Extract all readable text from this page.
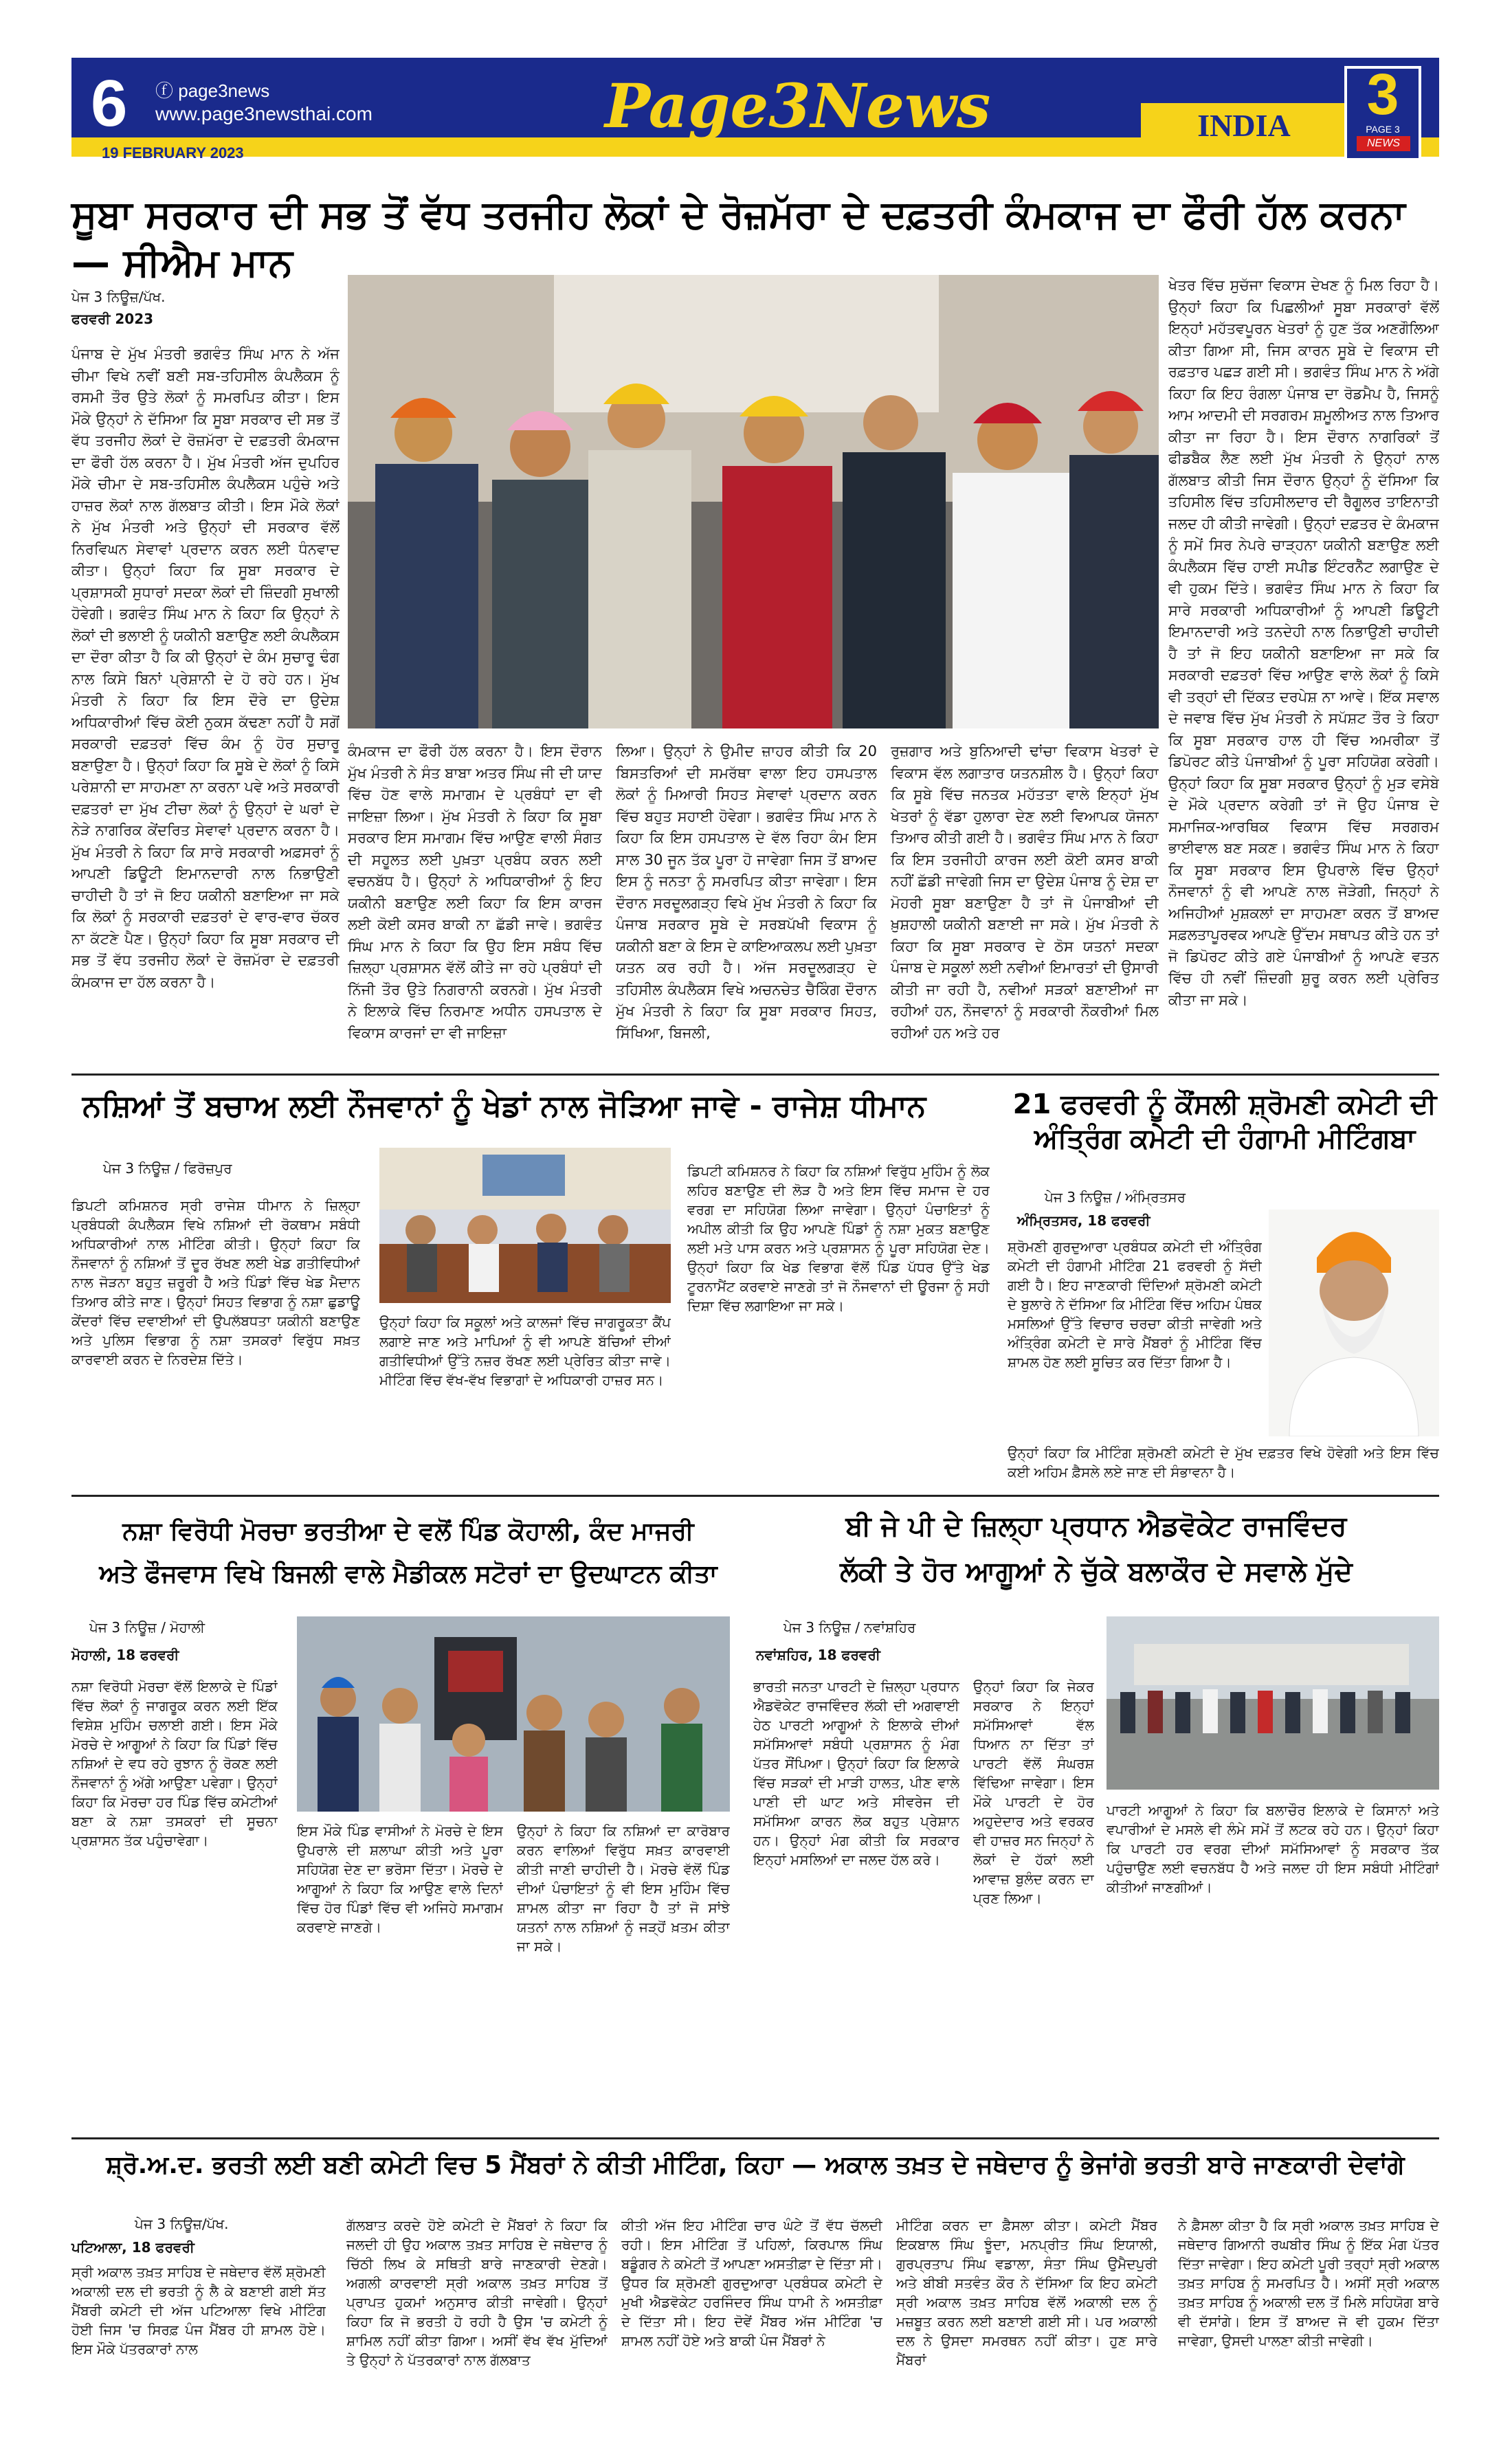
6	ⓕ page3news
www.page3newsthai.com
19 FEBRUARY 2023
Page3News	INDIA	3
PAGE 3
NEWS
ਸੂਬਾ ਸਰਕਾਰ ਦੀ ਸਭ ਤੋਂ ਵੱਧ ਤਰਜੀਹ ਲੋਕਾਂ ਦੇ ਰੋਜ਼ਮੱਰਾ ਦੇ ਦਫ਼ਤਰੀ ਕੰਮਕਾਜ ਦਾ ਫੌਰੀ ਹੱਲ ਕਰਨਾ— ਸੀਐਮ ਮਾਨ
ਪੇਜ 3 ਨਿਊਜ਼/ਪੱਖ.
ਫਰਵਰੀ 2023
ਪੰਜਾਬ ਦੇ ਮੁੱਖ ਮੰਤਰੀ ਭਗਵੰਤ ਸਿੰਘ ਮਾਨ ਨੇ ਅੱਜ ਚੀਮਾ ਵਿਖੇ ਨਵੀਂ ਬਣੀ ਸਬ-ਤਹਿਸੀਲ ਕੰਪਲੈਕਸ ਨੂੰ ਰਸਮੀ ਤੌਰ ਉਤੇ ਲੋਕਾਂ ਨੂੰ ਸਮਰਪਿਤ ਕੀਤਾ। ਇਸ ਮੌਕੇ ਉਨ੍ਹਾਂ ਨੇ ਦੱਸਿਆ ਕਿ ਸੂਬਾ ਸਰਕਾਰ ਦੀ ਸਭ ਤੋਂ ਵੱਧ ਤਰਜੀਹ ਲੋਕਾਂ ਦੇ ਰੋਜ਼ਮੱਰਾ ਦੇ ਦਫ਼ਤਰੀ ਕੰਮਕਾਜ ਦਾ ਫੌਰੀ ਹੱਲ ਕਰਨਾ ਹੈ। ਮੁੱਖ ਮੰਤਰੀ ਅੱਜ ਦੁਪਹਿਰ ਮੌਕੇ ਚੀਮਾ ਦੇ ਸਬ-ਤਹਿਸੀਲ ਕੰਪਲੈਕਸ ਪਹੁੰਚੇ ਅਤੇ ਹਾਜ਼ਰ ਲੋਕਾਂ ਨਾਲ ਗੱਲਬਾਤ ਕੀਤੀ। ਇਸ ਮੌਕੇ ਲੋਕਾਂ ਨੇ ਮੁੱਖ ਮੰਤਰੀ ਅਤੇ ਉਨ੍ਹਾਂ ਦੀ ਸਰਕਾਰ ਵੱਲੋਂ ਨਿਰਵਿਘਨ ਸੇਵਾਵਾਂ ਪ੍ਰਦਾਨ ਕਰਨ ਲਈ ਧੰਨਵਾਦ ਕੀਤਾ। ਉਨ੍ਹਾਂ ਕਿਹਾ ਕਿ ਸੂਬਾ ਸਰਕਾਰ ਦੇ ਪ੍ਰਸ਼ਾਸਕੀ ਸੁਧਾਰਾਂ ਸਦਕਾ ਲੋਕਾਂ ਦੀ ਜ਼ਿੰਦਗੀ ਸੁਖਾਲੀ ਹੋਵੇਗੀ। ਭਗਵੰਤ ਸਿੰਘ ਮਾਨ ਨੇ ਕਿਹਾ ਕਿ ਉਨ੍ਹਾਂ ਨੇ ਲੋਕਾਂ ਦੀ ਭਲਾਈ ਨੂੰ ਯਕੀਨੀ ਬਣਾਉਣ ਲਈ ਕੰਪਲੈਕਸ ਦਾ ਦੌਰਾ ਕੀਤਾ ਹੈ ਕਿ ਕੀ ਉਨ੍ਹਾਂ ਦੇ ਕੰਮ ਸੁਚਾਰੂ ਢੰਗ ਨਾਲ ਕਿਸੇ ਬਿਨਾਂ ਪ੍ਰੇਸ਼ਾਨੀ ਦੇ ਹੋ ਰਹੇ ਹਨ। ਮੁੱਖ ਮੰਤਰੀ ਨੇ ਕਿਹਾ ਕਿ ਇਸ ਦੌਰੇ ਦਾ ਉਦੇਸ਼ ਅਧਿਕਾਰੀਆਂ ਵਿੱਚ ਕੋਈ ਨੁਕਸ ਕੱਢਣਾ ਨਹੀਂ ਹੈ ਸਗੋਂ ਸਰਕਾਰੀ ਦਫ਼ਤਰਾਂ ਵਿੱਚ ਕੰਮ ਨੂੰ ਹੋਰ ਸੁਚਾਰੂ ਬਣਾਉਣਾ ਹੈ। ਉਨ੍ਹਾਂ ਕਿਹਾ ਕਿ ਸੂਬੇ ਦੇ ਲੋਕਾਂ ਨੂੰ ਕਿਸੇ ਪਰੇਸ਼ਾਨੀ ਦਾ ਸਾਹਮਣਾ ਨਾ ਕਰਨਾ ਪਵੇ ਅਤੇ ਸਰਕਾਰੀ ਦਫ਼ਤਰਾਂ ਦਾ ਮੁੱਖ ਟੀਚਾ ਲੋਕਾਂ ਨੂੰ ਉਨ੍ਹਾਂ ਦੇ ਘਰਾਂ ਦੇ ਨੇੜੇ ਨਾਗਰਿਕ ਕੇਂਦਰਿਤ ਸੇਵਾਵਾਂ ਪ੍ਰਦਾਨ ਕਰਨਾ ਹੈ। ਮੁੱਖ ਮੰਤਰੀ ਨੇ ਕਿਹਾ ਕਿ ਸਾਰੇ ਸਰਕਾਰੀ ਅਫ਼ਸਰਾਂ ਨੂੰ ਆਪਣੀ ਡਿਊਟੀ ਇਮਾਨਦਾਰੀ ਨਾਲ ਨਿਭਾਉਣੀ ਚਾਹੀਦੀ ਹੈ ਤਾਂ ਜੋ ਇਹ ਯਕੀਨੀ ਬਣਾਇਆ ਜਾ ਸਕੇ ਕਿ ਲੋਕਾਂ ਨੂੰ ਸਰਕਾਰੀ ਦਫ਼ਤਰਾਂ ਦੇ ਵਾਰ-ਵਾਰ ਚੱਕਰ ਨਾ ਕੱਟਣੇ ਪੈਣ। ਉਨ੍ਹਾਂ ਕਿਹਾ ਕਿ ਸੂਬਾ ਸਰਕਾਰ ਦੀ ਸਭ ਤੋਂ ਵੱਧ ਤਰਜੀਹ ਲੋਕਾਂ ਦੇ ਰੋਜ਼ਮੱਰਾ ਦੇ ਦਫ਼ਤਰੀ ਕੰਮਕਾਜ ਦਾ ਹੱਲ ਕਰਨਾ ਹੈ।
ਕੰਮਕਾਜ ਦਾ ਫੌਰੀ ਹੱਲ ਕਰਨਾ ਹੈ। ਇਸ ਦੌਰਾਨ ਮੁੱਖ ਮੰਤਰੀ ਨੇ ਸੰਤ ਬਾਬਾ ਅਤਰ ਸਿੰਘ ਜੀ ਦੀ ਯਾਦ ਵਿੱਚ ਹੋਣ ਵਾਲੇ ਸਮਾਗਮ ਦੇ ਪ੍ਰਬੰਧਾਂ ਦਾ ਵੀ ਜਾਇਜ਼ਾ ਲਿਆ। ਮੁੱਖ ਮੰਤਰੀ ਨੇ ਕਿਹਾ ਕਿ ਸੂਬਾ ਸਰਕਾਰ ਇਸ ਸਮਾਗਮ ਵਿੱਚ ਆਉਣ ਵਾਲੀ ਸੰਗਤ ਦੀ ਸਹੂਲਤ ਲਈ ਪੁਖ਼ਤਾ ਪ੍ਰਬੰਧ ਕਰਨ ਲਈ ਵਚਨਬੱਧ ਹੈ। ਉਨ੍ਹਾਂ ਨੇ ਅਧਿਕਾਰੀਆਂ ਨੂੰ ਇਹ ਯਕੀਨੀ ਬਣਾਉਣ ਲਈ ਕਿਹਾ ਕਿ ਇਸ ਕਾਰਜ ਲਈ ਕੋਈ ਕਸਰ ਬਾਕੀ ਨਾ ਛੱਡੀ ਜਾਵੇ। ਭਗਵੰਤ ਸਿੰਘ ਮਾਨ ਨੇ ਕਿਹਾ ਕਿ ਉਹ ਇਸ ਸਬੰਧ ਵਿੱਚ ਜ਼ਿਲ੍ਹਾ ਪ੍ਰਸ਼ਾਸਨ ਵੱਲੋਂ ਕੀਤੇ ਜਾ ਰਹੇ ਪ੍ਰਬੰਧਾਂ ਦੀ ਨਿੱਜੀ ਤੌਰ ਉਤੇ ਨਿਗਰਾਨੀ ਕਰਨਗੇ। ਮੁੱਖ ਮੰਤਰੀ ਨੇ ਇਲਾਕੇ ਵਿੱਚ ਨਿਰਮਾਣ ਅਧੀਨ ਹਸਪਤਾਲ ਦੇ ਵਿਕਾਸ ਕਾਰਜਾਂ ਦਾ ਵੀ ਜਾਇਜ਼ਾ
ਲਿਆ। ਉਨ੍ਹਾਂ ਨੇ ਉਮੀਦ ਜ਼ਾਹਰ ਕੀਤੀ ਕਿ 20 ਬਿਸਤਰਿਆਂ ਦੀ ਸਮਰੱਥਾ ਵਾਲਾ ਇਹ ਹਸਪਤਾਲ ਲੋਕਾਂ ਨੂੰ ਮਿਆਰੀ ਸਿਹਤ ਸੇਵਾਵਾਂ ਪ੍ਰਦਾਨ ਕਰਨ ਵਿੱਚ ਬਹੁਤ ਸਹਾਈ ਹੋਵੇਗਾ। ਭਗਵੰਤ ਸਿੰਘ ਮਾਨ ਨੇ ਕਿਹਾ ਕਿ ਇਸ ਹਸਪਤਾਲ ਦੇ ਵੱਲ ਰਿਹਾ ਕੰਮ ਇਸ ਸਾਲ 30 ਜੂਨ ਤੱਕ ਪੂਰਾ ਹੋ ਜਾਵੇਗਾ ਜਿਸ ਤੋਂ ਬਾਅਦ ਇਸ ਨੂੰ ਜਨਤਾ ਨੂੰ ਸਮਰਪਿਤ ਕੀਤਾ ਜਾਵੇਗਾ। ਇਸ ਦੌਰਾਨ ਸਰਦੂਲਗੜ੍ਹ ਵਿਖੇ ਮੁੱਖ ਮੰਤਰੀ ਨੇ ਕਿਹਾ ਕਿ ਪੰਜਾਬ ਸਰਕਾਰ ਸੂਬੇ ਦੇ ਸਰਬਪੱਖੀ ਵਿਕਾਸ ਨੂੰ ਯਕੀਨੀ ਬਣਾ ਕੇ ਇਸ ਦੇ ਕਾਇਆਕਲਪ ਲਈ ਪੁਖ਼ਤਾ ਯਤਨ ਕਰ ਰਹੀ ਹੈ। ਅੱਜ ਸਰਦੂਲਗੜ੍ਹ ਦੇ ਤਹਿਸੀਲ ਕੰਪਲੈਕਸ ਵਿਖੇ ਅਚਨਚੇਤ ਚੈਕਿੰਗ ਦੌਰਾਨ ਮੁੱਖ ਮੰਤਰੀ ਨੇ ਕਿਹਾ ਕਿ ਸੂਬਾ ਸਰਕਾਰ ਸਿਹਤ, ਸਿੱਖਿਆ, ਬਿਜਲੀ,
ਰੁਜ਼ਗਾਰ ਅਤੇ ਬੁਨਿਆਦੀ ਢਾਂਚਾ ਵਿਕਾਸ ਖੇਤਰਾਂ ਦੇ ਵਿਕਾਸ ਵੱਲ ਲਗਾਤਾਰ ਯਤਨਸ਼ੀਲ ਹੈ। ਉਨ੍ਹਾਂ ਕਿਹਾ ਕਿ ਸੂਬੇ ਵਿੱਚ ਜਨਤਕ ਮਹੱਤਤਾ ਵਾਲੇ ਇਨ੍ਹਾਂ ਮੁੱਖ ਖੇਤਰਾਂ ਨੂੰ ਵੱਡਾ ਹੁਲਾਰਾ ਦੇਣ ਲਈ ਵਿਆਪਕ ਯੋਜਨਾ ਤਿਆਰ ਕੀਤੀ ਗਈ ਹੈ। ਭਗਵੰਤ ਸਿੰਘ ਮਾਨ ਨੇ ਕਿਹਾ ਕਿ ਇਸ ਤਰਜੀਹੀ ਕਾਰਜ ਲਈ ਕੋਈ ਕਸਰ ਬਾਕੀ ਨਹੀਂ ਛੱਡੀ ਜਾਵੇਗੀ ਜਿਸ ਦਾ ਉਦੇਸ਼ ਪੰਜਾਬ ਨੂੰ ਦੇਸ਼ ਦਾ ਮੋਹਰੀ ਸੂਬਾ ਬਣਾਉਣਾ ਹੈ ਤਾਂ ਜੋ ਪੰਜਾਬੀਆਂ ਦੀ ਖ਼ੁਸ਼ਹਾਲੀ ਯਕੀਨੀ ਬਣਾਈ ਜਾ ਸਕੇ। ਮੁੱਖ ਮੰਤਰੀ ਨੇ ਕਿਹਾ ਕਿ ਸੂਬਾ ਸਰਕਾਰ ਦੇ ਠੋਸ ਯਤਨਾਂ ਸਦਕਾ ਪੰਜਾਬ ਦੇ ਸਕੂਲਾਂ ਲਈ ਨਵੀਆਂ ਇਮਾਰਤਾਂ ਦੀ ਉਸਾਰੀ ਕੀਤੀ ਜਾ ਰਹੀ ਹੈ, ਨਵੀਆਂ ਸੜਕਾਂ ਬਣਾਈਆਂ ਜਾ ਰਹੀਆਂ ਹਨ, ਨੌਜਵਾਨਾਂ ਨੂੰ ਸਰਕਾਰੀ ਨੌਕਰੀਆਂ ਮਿਲ ਰਹੀਆਂ ਹਨ ਅਤੇ ਹਰ
ਖੇਤਰ ਵਿੱਚ ਸੁਚੱਜਾ ਵਿਕਾਸ ਦੇਖਣ ਨੂੰ ਮਿਲ ਰਿਹਾ ਹੈ। ਉਨ੍ਹਾਂ ਕਿਹਾ ਕਿ ਪਿਛਲੀਆਂ ਸੂਬਾ ਸਰਕਾਰਾਂ ਵੱਲੋਂ ਇਨ੍ਹਾਂ ਮਹੱਤਵਪੂਰਨ ਖੇਤਰਾਂ ਨੂੰ ਹੁਣ ਤੱਕ ਅਣਗੌਲਿਆ ਕੀਤਾ ਗਿਆ ਸੀ, ਜਿਸ ਕਾਰਨ ਸੂਬੇ ਦੇ ਵਿਕਾਸ ਦੀ ਰਫ਼ਤਾਰ ਪਛੜ ਗਈ ਸੀ। ਭਗਵੰਤ ਸਿੰਘ ਮਾਨ ਨੇ ਅੱਗੇ ਕਿਹਾ ਕਿ ਇਹ ਰੰਗਲਾ ਪੰਜਾਬ ਦਾ ਰੋਡਮੈਪ ਹੈ, ਜਿਸਨੂੰ ਆਮ ਆਦਮੀ ਦੀ ਸਰਗਰਮ ਸ਼ਮੂਲੀਅਤ ਨਾਲ ਤਿਆਰ ਕੀਤਾ ਜਾ ਰਿਹਾ ਹੈ। ਇਸ ਦੌਰਾਨ ਨਾਗਰਿਕਾਂ ਤੋਂ ਫੀਡਬੈਕ ਲੈਣ ਲਈ ਮੁੱਖ ਮੰਤਰੀ ਨੇ ਉਨ੍ਹਾਂ ਨਾਲ ਗੱਲਬਾਤ ਕੀਤੀ ਜਿਸ ਦੌਰਾਨ ਉਨ੍ਹਾਂ ਨੂੰ ਦੱਸਿਆ ਕਿ ਤਹਿਸੀਲ ਵਿੱਚ ਤਹਿਸੀਲਦਾਰ ਦੀ ਰੈਗੂਲਰ ਤਾਇਨਾਤੀ ਜਲਦ ਹੀ ਕੀਤੀ ਜਾਵੇਗੀ। ਉਨ੍ਹਾਂ ਦਫ਼ਤਰ ਦੇ ਕੰਮਕਾਜ ਨੂੰ ਸਮੇਂ ਸਿਰ ਨੇਪਰੇ ਚਾੜ੍ਹਨਾ ਯਕੀਨੀ ਬਣਾਉਣ ਲਈ ਕੰਪਲੈਕਸ ਵਿੱਚ ਹਾਈ ਸਪੀਡ ਇੰਟਰਨੈੱਟ ਲਗਾਉਣ ਦੇ ਵੀ ਹੁਕਮ ਦਿੱਤੇ। ਭਗਵੰਤ ਸਿੰਘ ਮਾਨ ਨੇ ਕਿਹਾ ਕਿ ਸਾਰੇ ਸਰਕਾਰੀ ਅਧਿਕਾਰੀਆਂ ਨੂੰ ਆਪਣੀ ਡਿਊਟੀ ਇਮਾਨਦਾਰੀ ਅਤੇ ਤਨਦੇਹੀ ਨਾਲ ਨਿਭਾਉਣੀ ਚਾਹੀਦੀ ਹੈ ਤਾਂ ਜੋ ਇਹ ਯਕੀਨੀ ਬਣਾਇਆ ਜਾ ਸਕੇ ਕਿ ਸਰਕਾਰੀ ਦਫ਼ਤਰਾਂ ਵਿੱਚ ਆਉਣ ਵਾਲੇ ਲੋਕਾਂ ਨੂੰ ਕਿਸੇ ਵੀ ਤਰ੍ਹਾਂ ਦੀ ਦਿੱਕਤ ਦਰਪੇਸ਼ ਨਾ ਆਵੇ। ਇੱਕ ਸਵਾਲ ਦੇ ਜਵਾਬ ਵਿੱਚ ਮੁੱਖ ਮੰਤਰੀ ਨੇ ਸਪੱਸ਼ਟ ਤੌਰ ਤੇ ਕਿਹਾ ਕਿ ਸੂਬਾ ਸਰਕਾਰ ਹਾਲ ਹੀ ਵਿੱਚ ਅਮਰੀਕਾ ਤੋਂ ਡਿਪੋਰਟ ਕੀਤੇ ਪੰਜਾਬੀਆਂ ਨੂੰ ਪੂਰਾ ਸਹਿਯੋਗ ਕਰੇਗੀ। ਉਨ੍ਹਾਂ ਕਿਹਾ ਕਿ ਸੂਬਾ ਸਰਕਾਰ ਉਨ੍ਹਾਂ ਨੂੰ ਮੁੜ ਵਸੇਬੇ ਦੇ ਮੌਕੇ ਪ੍ਰਦਾਨ ਕਰੇਗੀ ਤਾਂ ਜੋ ਉਹ ਪੰਜਾਬ ਦੇ ਸਮਾਜਿਕ-ਆਰਥਿਕ ਵਿਕਾਸ ਵਿੱਚ ਸਰਗਰਮ ਭਾਈਵਾਲ ਬਣ ਸਕਣ। ਭਗਵੰਤ ਸਿੰਘ ਮਾਨ ਨੇ ਕਿਹਾ ਕਿ ਸੂਬਾ ਸਰਕਾਰ ਇਸ ਉਪਰਾਲੇ ਵਿੱਚ ਉਨ੍ਹਾਂ ਨੌਜਵਾਨਾਂ ਨੂੰ ਵੀ ਆਪਣੇ ਨਾਲ ਜੋੜੇਗੀ, ਜਿਨ੍ਹਾਂ ਨੇ ਅਜਿਹੀਆਂ ਮੁਸ਼ਕਲਾਂ ਦਾ ਸਾਹਮਣਾ ਕਰਨ ਤੋਂ ਬਾਅਦ ਸਫ਼ਲਤਾਪੂਰਵਕ ਆਪਣੇ ਉੱਦਮ ਸਥਾਪਤ ਕੀਤੇ ਹਨ ਤਾਂ ਜੋ ਡਿਪੋਰਟ ਕੀਤੇ ਗਏ ਪੰਜਾਬੀਆਂ ਨੂੰ ਆਪਣੇ ਵਤਨ ਵਿੱਚ ਹੀ ਨਵੀਂ ਜ਼ਿੰਦਗੀ ਸ਼ੁਰੂ ਕਰਨ ਲਈ ਪ੍ਰੇਰਿਤ ਕੀਤਾ ਜਾ ਸਕੇ।
ਨਸ਼ਿਆਂ ਤੋਂ ਬਚਾਅ ਲਈ ਨੌਜਵਾਨਾਂ ਨੂੰ ਖੇਡਾਂ ਨਾਲ ਜੋੜਿਆ ਜਾਵੇ - ਰਾਜੇਸ਼ ਧੀਮਾਨ
ਪੇਜ 3 ਨਿਊਜ਼ / ਫਿਰੋਜ਼ਪੁਰ
ਡਿਪਟੀ ਕਮਿਸ਼ਨਰ ਸ੍ਰੀ ਰਾਜੇਸ਼ ਧੀਮਾਨ ਨੇ ਜ਼ਿਲ੍ਹਾ ਪ੍ਰਬੰਧਕੀ ਕੰਪਲੈਕਸ ਵਿਖੇ ਨਸ਼ਿਆਂ ਦੀ ਰੋਕਥਾਮ ਸਬੰਧੀ ਅਧਿਕਾਰੀਆਂ ਨਾਲ ਮੀਟਿੰਗ ਕੀਤੀ। ਉਨ੍ਹਾਂ ਕਿਹਾ ਕਿ ਨੌਜਵਾਨਾਂ ਨੂੰ ਨਸ਼ਿਆਂ ਤੋਂ ਦੂਰ ਰੱਖਣ ਲਈ ਖੇਡ ਗਤੀਵਿਧੀਆਂ ਨਾਲ ਜੋੜਨਾ ਬਹੁਤ ਜ਼ਰੂਰੀ ਹੈ ਅਤੇ ਪਿੰਡਾਂ ਵਿੱਚ ਖੇਡ ਮੈਦਾਨ ਤਿਆਰ ਕੀਤੇ ਜਾਣ। ਉਨ੍ਹਾਂ ਸਿਹਤ ਵਿਭਾਗ ਨੂੰ ਨਸ਼ਾ ਛੁਡਾਊ ਕੇਂਦਰਾਂ ਵਿੱਚ ਦਵਾਈਆਂ ਦੀ ਉਪਲੱਬਧਤਾ ਯਕੀਨੀ ਬਣਾਉਣ ਅਤੇ ਪੁਲਿਸ ਵਿਭਾਗ ਨੂੰ ਨਸ਼ਾ ਤਸਕਰਾਂ ਵਿਰੁੱਧ ਸਖ਼ਤ ਕਾਰਵਾਈ ਕਰਨ ਦੇ ਨਿਰਦੇਸ਼ ਦਿੱਤੇ।
ਉਨ੍ਹਾਂ ਕਿਹਾ ਕਿ ਸਕੂਲਾਂ ਅਤੇ ਕਾਲਜਾਂ ਵਿੱਚ ਜਾਗਰੂਕਤਾ ਕੈਂਪ ਲਗਾਏ ਜਾਣ ਅਤੇ ਮਾਪਿਆਂ ਨੂੰ ਵੀ ਆਪਣੇ ਬੱਚਿਆਂ ਦੀਆਂ ਗਤੀਵਿਧੀਆਂ ਉੱਤੇ ਨਜ਼ਰ ਰੱਖਣ ਲਈ ਪ੍ਰੇਰਿਤ ਕੀਤਾ ਜਾਵੇ। ਮੀਟਿੰਗ ਵਿੱਚ ਵੱਖ-ਵੱਖ ਵਿਭਾਗਾਂ ਦੇ ਅਧਿਕਾਰੀ ਹਾਜ਼ਰ ਸਨ।
ਡਿਪਟੀ ਕਮਿਸ਼ਨਰ ਨੇ ਕਿਹਾ ਕਿ ਨਸ਼ਿਆਂ ਵਿਰੁੱਧ ਮੁਹਿੰਮ ਨੂੰ ਲੋਕ ਲਹਿਰ ਬਣਾਉਣ ਦੀ ਲੋੜ ਹੈ ਅਤੇ ਇਸ ਵਿੱਚ ਸਮਾਜ ਦੇ ਹਰ ਵਰਗ ਦਾ ਸਹਿਯੋਗ ਲਿਆ ਜਾਵੇਗਾ। ਉਨ੍ਹਾਂ ਪੰਚਾਇਤਾਂ ਨੂੰ ਅਪੀਲ ਕੀਤੀ ਕਿ ਉਹ ਆਪਣੇ ਪਿੰਡਾਂ ਨੂੰ ਨਸ਼ਾ ਮੁਕਤ ਬਣਾਉਣ ਲਈ ਮਤੇ ਪਾਸ ਕਰਨ ਅਤੇ ਪ੍ਰਸ਼ਾਸਨ ਨੂੰ ਪੂਰਾ ਸਹਿਯੋਗ ਦੇਣ। ਉਨ੍ਹਾਂ ਕਿਹਾ ਕਿ ਖੇਡ ਵਿਭਾਗ ਵੱਲੋਂ ਪਿੰਡ ਪੱਧਰ ਉੱਤੇ ਖੇਡ ਟੂਰਨਾਮੈਂਟ ਕਰਵਾਏ ਜਾਣਗੇ ਤਾਂ ਜੋ ਨੌਜਵਾਨਾਂ ਦੀ ਊਰਜਾ ਨੂੰ ਸਹੀ ਦਿਸ਼ਾ ਵਿੱਚ ਲਗਾਇਆ ਜਾ ਸਕੇ।
21 ਫਰਵਰੀ ਨੂੰ ਕੌਂਸਲੀ ਸ਼੍ਰੋਮਣੀ ਕਮੇਟੀ ਦੀ ਅੰਤ੍ਰਿੰਗ ਕਮੇਟੀ ਦੀ ਹੰਗਾਮੀ ਮੀਟਿੰਗਬਾ
ਪੇਜ 3 ਨਿਊਜ਼ / ਅੰਮ੍ਰਿਤਸਰ
ਅੰਮ੍ਰਿਤਸਰ, 18 ਫਰਵਰੀ
ਸ਼੍ਰੋਮਣੀ ਗੁਰਦੁਆਰਾ ਪ੍ਰਬੰਧਕ ਕਮੇਟੀ ਦੀ ਅੰਤ੍ਰਿੰਗ ਕਮੇਟੀ ਦੀ ਹੰਗਾਮੀ ਮੀਟਿੰਗ 21 ਫਰਵਰੀ ਨੂੰ ਸੱਦੀ ਗਈ ਹੈ। ਇਹ ਜਾਣਕਾਰੀ ਦਿੰਦਿਆਂ ਸ਼੍ਰੋਮਣੀ ਕਮੇਟੀ ਦੇ ਬੁਲਾਰੇ ਨੇ ਦੱਸਿਆ ਕਿ ਮੀਟਿੰਗ ਵਿੱਚ ਅਹਿਮ ਪੰਥਕ ਮਸਲਿਆਂ ਉੱਤੇ ਵਿਚਾਰ ਚਰਚਾ ਕੀਤੀ ਜਾਵੇਗੀ ਅਤੇ ਅੰਤ੍ਰਿੰਗ ਕਮੇਟੀ ਦੇ ਸਾਰੇ ਮੈਂਬਰਾਂ ਨੂੰ ਮੀਟਿੰਗ ਵਿੱਚ ਸ਼ਾਮਲ ਹੋਣ ਲਈ ਸੂਚਿਤ ਕਰ ਦਿੱਤਾ ਗਿਆ ਹੈ।
ਉਨ੍ਹਾਂ ਕਿਹਾ ਕਿ ਮੀਟਿੰਗ ਸ਼੍ਰੋਮਣੀ ਕਮੇਟੀ ਦੇ ਮੁੱਖ ਦਫ਼ਤਰ ਵਿਖੇ ਹੋਵੇਗੀ ਅਤੇ ਇਸ ਵਿੱਚ ਕਈ ਅਹਿਮ ਫ਼ੈਸਲੇ ਲਏ ਜਾਣ ਦੀ ਸੰਭਾਵਨਾ ਹੈ।
ਨਸ਼ਾ ਵਿਰੋਧੀ ਮੋਰਚਾ ਭਰਤੀਆ ਦੇ ਵਲੋਂ ਪਿੰਡ ਕੋਹਾਲੀ, ਕੰਦ ਮਾਜਰੀ
ਅਤੇ ਫੌਜਵਾਸ ਵਿਖੇ ਬਿਜਲੀ ਵਾਲੇ ਮੈਡੀਕਲ ਸਟੋਰਾਂ ਦਾ ਉਦਘਾਟਨ ਕੀਤਾ
ਪੇਜ 3 ਨਿਊਜ਼ / ਮੋਹਾਲੀ
ਮੋਹਾਲੀ, 18 ਫਰਵਰੀ
ਨਸ਼ਾ ਵਿਰੋਧੀ ਮੋਰਚਾ ਵੱਲੋਂ ਇਲਾਕੇ ਦੇ ਪਿੰਡਾਂ ਵਿੱਚ ਲੋਕਾਂ ਨੂੰ ਜਾਗਰੂਕ ਕਰਨ ਲਈ ਇੱਕ ਵਿਸ਼ੇਸ਼ ਮੁਹਿੰਮ ਚਲਾਈ ਗਈ। ਇਸ ਮੌਕੇ ਮੋਰਚੇ ਦੇ ਆਗੂਆਂ ਨੇ ਕਿਹਾ ਕਿ ਪਿੰਡਾਂ ਵਿੱਚ ਨਸ਼ਿਆਂ ਦੇ ਵਧ ਰਹੇ ਰੁਝਾਨ ਨੂੰ ਰੋਕਣ ਲਈ ਨੌਜਵਾਨਾਂ ਨੂੰ ਅੱਗੇ ਆਉਣਾ ਪਵੇਗਾ। ਉਨ੍ਹਾਂ ਕਿਹਾ ਕਿ ਮੋਰਚਾ ਹਰ ਪਿੰਡ ਵਿੱਚ ਕਮੇਟੀਆਂ ਬਣਾ ਕੇ ਨਸ਼ਾ ਤਸਕਰਾਂ ਦੀ ਸੂਚਨਾ ਪ੍ਰਸ਼ਾਸਨ ਤੱਕ ਪਹੁੰਚਾਵੇਗਾ।
ਇਸ ਮੌਕੇ ਪਿੰਡ ਵਾਸੀਆਂ ਨੇ ਮੋਰਚੇ ਦੇ ਇਸ ਉਪਰਾਲੇ ਦੀ ਸ਼ਲਾਘਾ ਕੀਤੀ ਅਤੇ ਪੂਰਾ ਸਹਿਯੋਗ ਦੇਣ ਦਾ ਭਰੋਸਾ ਦਿੱਤਾ। ਮੋਰਚੇ ਦੇ ਆਗੂਆਂ ਨੇ ਕਿਹਾ ਕਿ ਆਉਣ ਵਾਲੇ ਦਿਨਾਂ ਵਿੱਚ ਹੋਰ ਪਿੰਡਾਂ ਵਿੱਚ ਵੀ ਅਜਿਹੇ ਸਮਾਗਮ ਕਰਵਾਏ ਜਾਣਗੇ।
ਉਨ੍ਹਾਂ ਨੇ ਕਿਹਾ ਕਿ ਨਸ਼ਿਆਂ ਦਾ ਕਾਰੋਬਾਰ ਕਰਨ ਵਾਲਿਆਂ ਵਿਰੁੱਧ ਸਖ਼ਤ ਕਾਰਵਾਈ ਕੀਤੀ ਜਾਣੀ ਚਾਹੀਦੀ ਹੈ। ਮੋਰਚੇ ਵੱਲੋਂ ਪਿੰਡ ਦੀਆਂ ਪੰਚਾਇਤਾਂ ਨੂੰ ਵੀ ਇਸ ਮੁਹਿੰਮ ਵਿੱਚ ਸ਼ਾਮਲ ਕੀਤਾ ਜਾ ਰਿਹਾ ਹੈ ਤਾਂ ਜੋ ਸਾਂਝੇ ਯਤਨਾਂ ਨਾਲ ਨਸ਼ਿਆਂ ਨੂੰ ਜੜ੍ਹੋਂ ਖ਼ਤਮ ਕੀਤਾ ਜਾ ਸਕੇ।
ਬੀ ਜੇ ਪੀ ਦੇ ਜ਼ਿਲ੍ਹਾ ਪ੍ਰਧਾਨ ਐਡਵੋਕੇਟ ਰਾਜਵਿੰਦਰ
ਲੱਕੀ ਤੇ ਹੋਰ ਆਗੂਆਂ ਨੇ ਚੁੱਕੇ ਬਲਾਕੌਰ ਦੇ ਸਵਾਲੇ ਮੁੱਦੇ
ਪੇਜ 3 ਨਿਊਜ਼ / ਨਵਾਂਸ਼ਹਿਰ
ਨਵਾਂਸ਼ਹਿਰ, 18 ਫਰਵਰੀ
ਭਾਰਤੀ ਜਨਤਾ ਪਾਰਟੀ ਦੇ ਜ਼ਿਲ੍ਹਾ ਪ੍ਰਧਾਨ ਐਡਵੋਕੇਟ ਰਾਜਵਿੰਦਰ ਲੱਕੀ ਦੀ ਅਗਵਾਈ ਹੇਠ ਪਾਰਟੀ ਆਗੂਆਂ ਨੇ ਇਲਾਕੇ ਦੀਆਂ ਸਮੱਸਿਆਵਾਂ ਸਬੰਧੀ ਪ੍ਰਸ਼ਾਸਨ ਨੂੰ ਮੰਗ ਪੱਤਰ ਸੌਂਪਿਆ। ਉਨ੍ਹਾਂ ਕਿਹਾ ਕਿ ਇਲਾਕੇ ਵਿੱਚ ਸੜਕਾਂ ਦੀ ਮਾੜੀ ਹਾਲਤ, ਪੀਣ ਵਾਲੇ ਪਾਣੀ ਦੀ ਘਾਟ ਅਤੇ ਸੀਵਰੇਜ ਦੀ ਸਮੱਸਿਆ ਕਾਰਨ ਲੋਕ ਬਹੁਤ ਪ੍ਰੇਸ਼ਾਨ ਹਨ। ਉਨ੍ਹਾਂ ਮੰਗ ਕੀਤੀ ਕਿ ਸਰਕਾਰ ਇਨ੍ਹਾਂ ਮਸਲਿਆਂ ਦਾ ਜਲਦ ਹੱਲ ਕਰੇ।
ਉਨ੍ਹਾਂ ਕਿਹਾ ਕਿ ਜੇਕਰ ਸਰਕਾਰ ਨੇ ਇਨ੍ਹਾਂ ਸਮੱਸਿਆਵਾਂ ਵੱਲ ਧਿਆਨ ਨਾ ਦਿੱਤਾ ਤਾਂ ਪਾਰਟੀ ਵੱਲੋਂ ਸੰਘਰਸ਼ ਵਿੱਢਿਆ ਜਾਵੇਗਾ। ਇਸ ਮੌਕੇ ਪਾਰਟੀ ਦੇ ਹੋਰ ਅਹੁਦੇਦਾਰ ਅਤੇ ਵਰਕਰ ਵੀ ਹਾਜ਼ਰ ਸਨ ਜਿਨ੍ਹਾਂ ਨੇ ਲੋਕਾਂ ਦੇ ਹੱਕਾਂ ਲਈ ਆਵਾਜ਼ ਬੁਲੰਦ ਕਰਨ ਦਾ ਪ੍ਰਣ ਲਿਆ।
ਪਾਰਟੀ ਆਗੂਆਂ ਨੇ ਕਿਹਾ ਕਿ ਬਲਾਚੌਰ ਇਲਾਕੇ ਦੇ ਕਿਸਾਨਾਂ ਅਤੇ ਵਪਾਰੀਆਂ ਦੇ ਮਸਲੇ ਵੀ ਲੰਮੇ ਸਮੇਂ ਤੋਂ ਲਟਕ ਰਹੇ ਹਨ। ਉਨ੍ਹਾਂ ਕਿਹਾ ਕਿ ਪਾਰਟੀ ਹਰ ਵਰਗ ਦੀਆਂ ਸਮੱਸਿਆਵਾਂ ਨੂੰ ਸਰਕਾਰ ਤੱਕ ਪਹੁੰਚਾਉਣ ਲਈ ਵਚਨਬੱਧ ਹੈ ਅਤੇ ਜਲਦ ਹੀ ਇਸ ਸਬੰਧੀ ਮੀਟਿੰਗਾਂ ਕੀਤੀਆਂ ਜਾਣਗੀਆਂ।
ਸ਼੍ਰੋ.ਅ.ਦ. ਭਰਤੀ ਲਈ ਬਣੀ ਕਮੇਟੀ ਵਿਚ 5 ਮੈਂਬਰਾਂ ਨੇ ਕੀਤੀ ਮੀਟਿੰਗ, ਕਿਹਾ — ਅਕਾਲ ਤਖ਼ਤ ਦੇ ਜਥੇਦਾਰ ਨੂੰ ਭੇਜਾਂਗੇ ਭਰਤੀ ਬਾਰੇ ਜਾਣਕਾਰੀ ਦੇਵਾਂਗੇ
ਪੇਜ 3 ਨਿਊਜ਼/ਪੱਖ.
ਪਟਿਆਲਾ, 18 ਫਰਵਰੀ
ਸ੍ਰੀ ਅਕਾਲ ਤਖ਼ਤ ਸਾਹਿਬ ਦੇ ਜਥੇਦਾਰ ਵੱਲੋਂ ਸ਼੍ਰੋਮਣੀ ਅਕਾਲੀ ਦਲ ਦੀ ਭਰਤੀ ਨੂੰ ਲੈ ਕੇ ਬਣਾਈ ਗਈ ਸੱਤ ਮੈਂਬਰੀ ਕਮੇਟੀ ਦੀ ਅੱਜ ਪਟਿਆਲਾ ਵਿਖੇ ਮੀਟਿੰਗ ਹੋਈ ਜਿਸ 'ਚ ਸਿਰਫ਼ ਪੰਜ ਮੈਂਬਰ ਹੀ ਸ਼ਾਮਲ ਹੋਏ। ਇਸ ਮੌਕੇ ਪੱਤਰਕਾਰਾਂ ਨਾਲ
ਗੱਲਬਾਤ ਕਰਦੇ ਹੋਏ ਕਮੇਟੀ ਦੇ ਮੈਂਬਰਾਂ ਨੇ ਕਿਹਾ ਕਿ ਜਲਦੀ ਹੀ ਉਹ ਅਕਾਲ ਤਖ਼ਤ ਸਾਹਿਬ ਦੇ ਜਥੇਦਾਰ ਨੂੰ ਚਿੱਠੀ ਲਿਖ ਕੇ ਸਥਿਤੀ ਬਾਰੇ ਜਾਣਕਾਰੀ ਦੇਣਗੇ। ਅਗਲੀ ਕਾਰਵਾਈ ਸ੍ਰੀ ਅਕਾਲ ਤਖ਼ਤ ਸਾਹਿਬ ਤੋਂ ਪ੍ਰਾਪਤ ਹੁਕਮਾਂ ਅਨੁਸਾਰ ਕੀਤੀ ਜਾਵੇਗੀ। ਉਨ੍ਹਾਂ ਕਿਹਾ ਕਿ ਜੋ ਭਰਤੀ ਹੋ ਰਹੀ ਹੈ ਉਸ 'ਚ ਕਮੇਟੀ ਨੂੰ ਸ਼ਾਮਿਲ ਨਹੀਂ ਕੀਤਾ ਗਿਆ। ਅਸੀਂ ਵੱਖ ਵੱਖ ਮੁੱਦਿਆਂ ਤੇ ਉਨ੍ਹਾਂ ਨੇ ਪੱਤਰਕਾਰਾਂ ਨਾਲ ਗੱਲਬਾਤ
ਕੀਤੀ ਅੱਜ ਇਹ ਮੀਟਿੰਗ ਚਾਰ ਘੰਟੇ ਤੋਂ ਵੱਧ ਚੱਲਦੀ ਰਹੀ। ਇਸ ਮੀਟਿੰਗ ਤੋਂ ਪਹਿਲਾਂ, ਕਿਰਪਾਲ ਸਿੰਘ ਬਡੂੰਗਰ ਨੇ ਕਮੇਟੀ ਤੋਂ ਆਪਣਾ ਅਸਤੀਫ਼ਾ ਦੇ ਦਿੱਤਾ ਸੀ। ਉਧਰ ਕਿ ਸ਼੍ਰੋਮਣੀ ਗੁਰਦੁਆਰਾ ਪ੍ਰਬੰਧਕ ਕਮੇਟੀ ਦੇ ਮੁਖੀ ਐਡਵੋਕੇਟ ਹਰਜਿੰਦਰ ਸਿੰਘ ਧਾਮੀ ਨੇ ਅਸਤੀਫ਼ਾ ਦੇ ਦਿੱਤਾ ਸੀ। ਇਹ ਦੋਵੇਂ ਮੈਂਬਰ ਅੱਜ ਮੀਟਿੰਗ 'ਚ ਸ਼ਾਮਲ ਨਹੀਂ ਹੋਏ ਅਤੇ ਬਾਕੀ ਪੰਜ ਮੈਂਬਰਾਂ ਨੇ
ਮੀਟਿੰਗ ਕਰਨ ਦਾ ਫ਼ੈਸਲਾ ਕੀਤਾ। ਕਮੇਟੀ ਮੈਂਬਰ ਇਕਬਾਲ ਸਿੰਘ ਝੂੰਦਾ, ਮਨਪ੍ਰੀਤ ਸਿੰਘ ਇਯਾਲੀ, ਗੁਰਪ੍ਰਤਾਪ ਸਿੰਘ ਵਡਾਲਾ, ਸੰਤਾ ਸਿੰਘ ਉਮੈਦਪੁਰੀ ਅਤੇ ਬੀਬੀ ਸਤਵੰਤ ਕੌਰ ਨੇ ਦੱਸਿਆ ਕਿ ਇਹ ਕਮੇਟੀ ਸ੍ਰੀ ਅਕਾਲ ਤਖ਼ਤ ਸਾਹਿਬ ਵੱਲੋਂ ਅਕਾਲੀ ਦਲ ਨੂੰ ਮਜ਼ਬੂਤ ਕਰਨ ਲਈ ਬਣਾਈ ਗਈ ਸੀ। ਪਰ ਅਕਾਲੀ ਦਲ ਨੇ ਉਸਦਾ ਸਮਰਥਨ ਨਹੀਂ ਕੀਤਾ। ਹੁਣ ਸਾਰੇ ਮੈਂਬਰਾਂ
ਨੇ ਫ਼ੈਸਲਾ ਕੀਤਾ ਹੈ ਕਿ ਸ੍ਰੀ ਅਕਾਲ ਤਖ਼ਤ ਸਾਹਿਬ ਦੇ ਜਥੇਦਾਰ ਗਿਆਨੀ ਰਘਬੀਰ ਸਿੰਘ ਨੂੰ ਇੱਕ ਮੰਗ ਪੱਤਰ ਦਿੱਤਾ ਜਾਵੇਗਾ। ਇਹ ਕਮੇਟੀ ਪੂਰੀ ਤਰ੍ਹਾਂ ਸ੍ਰੀ ਅਕਾਲ ਤਖ਼ਤ ਸਾਹਿਬ ਨੂੰ ਸਮਰਪਿਤ ਹੈ। ਅਸੀਂ ਸ੍ਰੀ ਅਕਾਲ ਤਖ਼ਤ ਸਾਹਿਬ ਨੂੰ ਅਕਾਲੀ ਦਲ ਤੋਂ ਮਿਲੇ ਸਹਿਯੋਗ ਬਾਰੇ ਵੀ ਦੱਸਾਂਗੇ। ਇਸ ਤੋਂ ਬਾਅਦ ਜੋ ਵੀ ਹੁਕਮ ਦਿੱਤਾ ਜਾਵੇਗਾ, ਉਸਦੀ ਪਾਲਣਾ ਕੀਤੀ ਜਾਵੇਗੀ।
